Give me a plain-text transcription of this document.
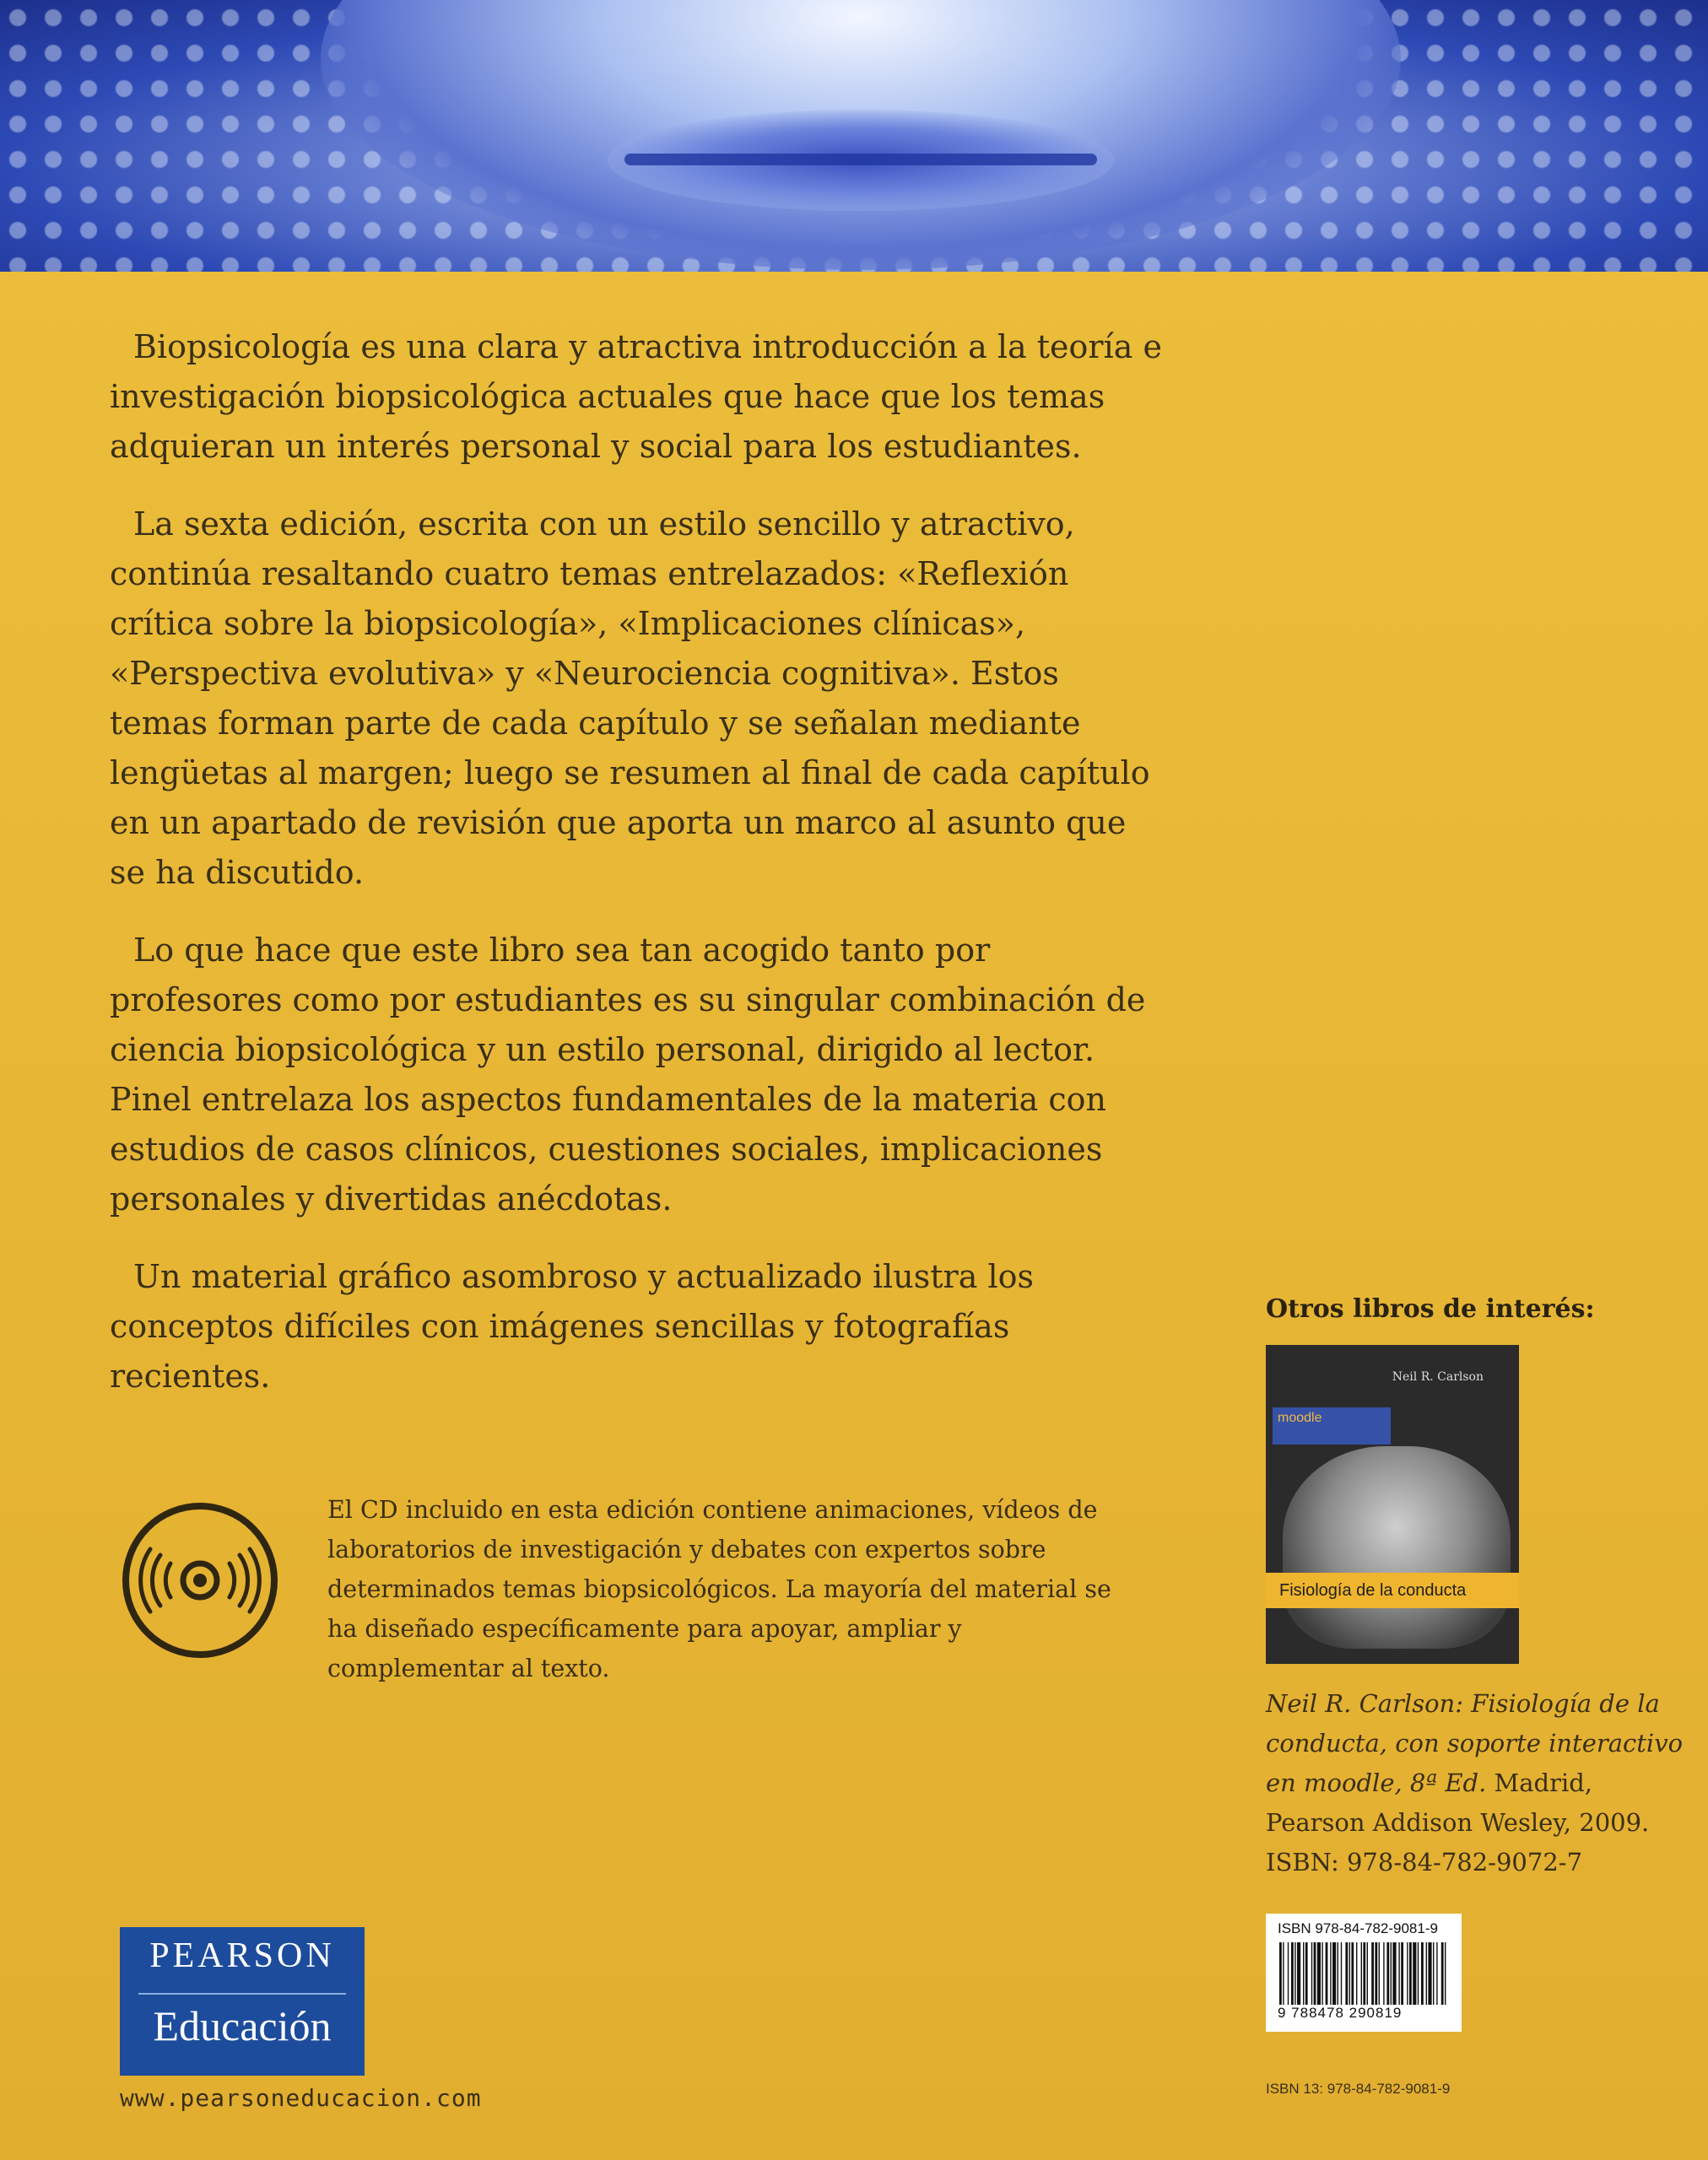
Biopsicología es una clara y atractiva introducción a la teoría e investigación biopsicológica actuales que hace que los temas adquieran un interés personal y social para los estudiantes.

La sexta edición, escrita con un estilo sencillo y atractivo, continúa resaltando cuatro temas entrelazados: «Reflexión crítica sobre la biopsicología», «Implicaciones clínicas», «Perspectiva evolutiva» y «Neurociencia cognitiva». Estos temas forman parte de cada capítulo y se señalan mediante lengüetas al margen; luego se resumen al final de cada capítulo en un apartado de revisión que aporta un marco al asunto que se ha discutido.

Lo que hace que este libro sea tan acogido tanto por profesores como por estudiantes es su singular combinación de ciencia biopsicológica y un estilo personal, dirigido al lector. Pinel entrelaza los aspectos fundamentales de la materia con estudios de casos clínicos, cuestiones sociales, implicaciones personales y divertidas anécdotas.

Un material gráfico asombroso y actualizado ilustra los conceptos difíciles con imágenes sencillas y fotografías recientes.

El CD incluido en esta edición contiene animaciones, vídeos de laboratorios de investigación y debates con expertos sobre determinados temas biopsicológicos. La mayoría del material se ha diseñado específicamente para apoyar, ampliar y complementar al texto.
Otros libros de interés:
Neil R. Carlson
moodle
Fisiología de la conducta
Neil R. Carlson: Fisiología de la conducta, con soporte interactivo en moodle, 8ª Ed. Madrid, Pearson Addison Wesley, 2009.
ISBN: 978-84-782-9072-7
PEARSON
Educación
www.pearsoneducacion.com
ISBN 978-84-782-9081-9
9 788478 290819
ISBN 13: 978-84-782-9081-9
